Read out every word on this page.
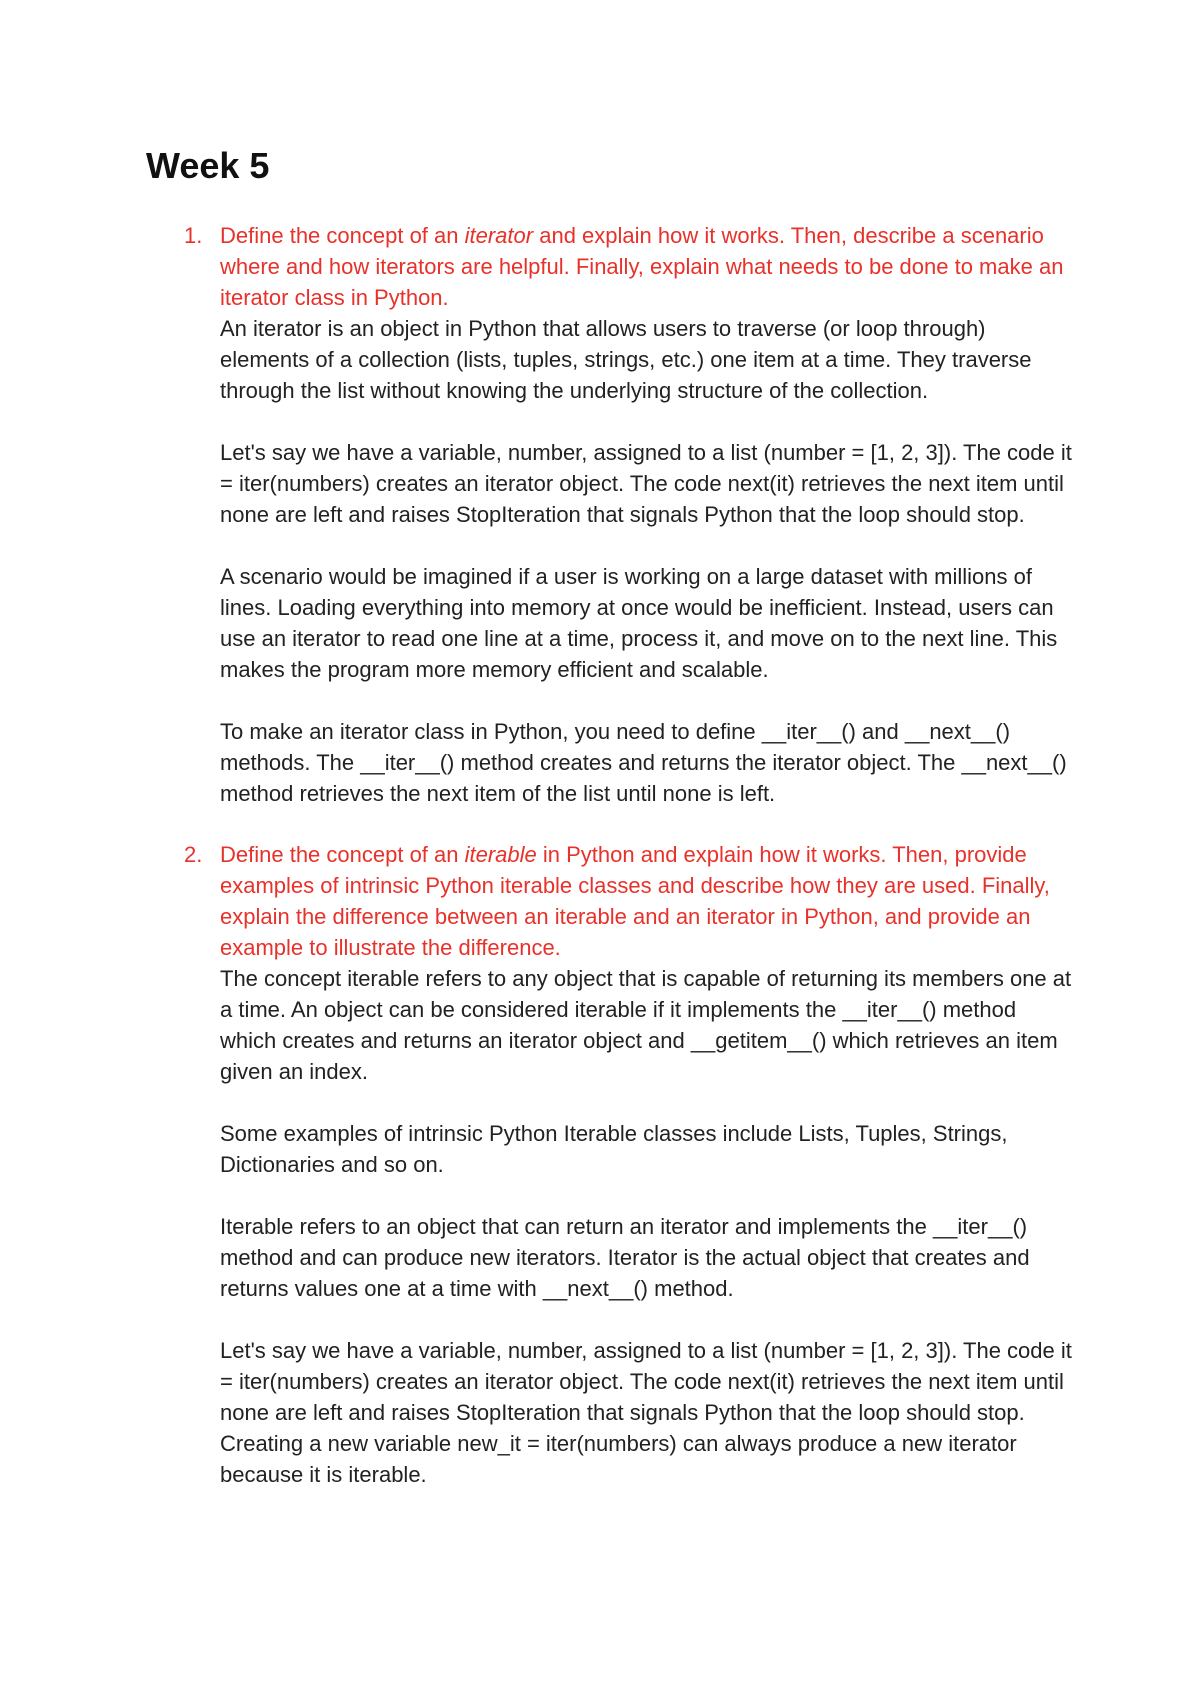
Week 5
1. Define the concept of an iterator and explain how it works. Then, describe a scenario where and how iterators are helpful. Finally, explain what needs to be done to make an iterator class in Python.

An iterator is an object in Python that allows users to traverse (or loop through) elements of a collection (lists, tuples, strings, etc.) one item at a time. They traverse through the list without knowing the underlying structure of the collection.

Let's say we have a variable, number, assigned to a list (number = [1, 2, 3]). The code it = iter(numbers) creates an iterator object. The code next(it) retrieves the next item until none are left and raises StopIteration that signals Python that the loop should stop.

A scenario would be imagined if a user is working on a large dataset with millions of lines. Loading everything into memory at once would be inefficient. Instead, users can use an iterator to read one line at a time, process it, and move on to the next line. This makes the program more memory efficient and scalable.

To make an iterator class in Python, you need to define __iter__() and __next__() methods. The __iter__() method creates and returns the iterator object. The __next__() method retrieves the next item of the list until none is left.

2. Define the concept of an iterable in Python and explain how it works. Then, provide examples of intrinsic Python iterable classes and describe how they are used. Finally, explain the difference between an iterable and an iterator in Python, and provide an example to illustrate the difference.

The concept iterable refers to any object that is capable of returning its members one at a time. An object can be considered iterable if it implements the __iter__() method which creates and returns an iterator object and __getitem__() which retrieves an item given an index.

Some examples of intrinsic Python Iterable classes include Lists, Tuples, Strings, Dictionaries and so on.

Iterable refers to an object that can return an iterator and implements the __iter__() method and can produce new iterators. Iterator is the actual object that creates and returns values one at a time with __next__() method.

Let's say we have a variable, number, assigned to a list (number = [1, 2, 3]). The code it = iter(numbers) creates an iterator object. The code next(it) retrieves the next item until none are left and raises StopIteration that signals Python that the loop should stop. Creating a new variable new_it = iter(numbers) can always produce a new iterator because it is iterable.
